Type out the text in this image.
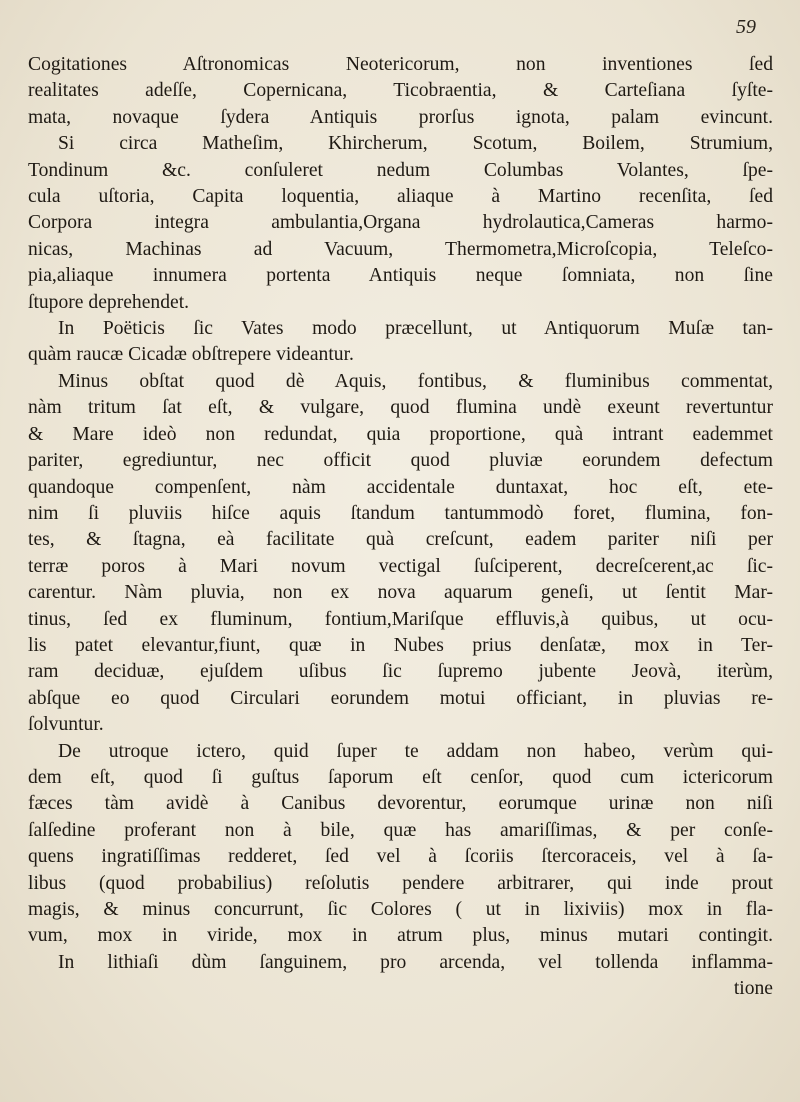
59
Cogitationes Aſtronomicas Neotericorum, non inventiones ſed
realitates adeſſe, Copernicana, Ticobraentia, & Carteſiana ſyſte-
mata, novaque ſydera Antiquis prorſus ignota, palam evincunt.
Si circa Matheſim, Khircherum, Scotum, Boilem, Strumium,
Tondinum &c. conſuleret nedum Columbas Volantes, ſpe-
cula uſtoria, Capita loquentia, aliaque à Martino recenſita, ſed
Corpora integra ambulantia,Organa hydrolautica,Cameras harmo-
nicas, Machinas ad Vacuum, Thermometra,Microſcopia, Teleſco-
pia,aliaque innumera portenta Antiquis neque ſomniata, non ſine
ſtupore deprehendet.
In Poëticis ſic Vates modo præcellunt, ut Antiquorum Muſæ tan-
quàm raucæ Cicadæ obſtrepere videantur.
Minus obſtat quod dè Aquis, fontibus, & fluminibus commentat,
nàm tritum ſat eſt, & vulgare, quod flumina undè exeunt revertuntur
& Mare ideò non redundat, quia proportione, quà intrant eademmet
pariter, egrediuntur, nec officit quod pluviæ eorundem defectum
quandoque compenſent, nàm accidentale duntaxat, hoc eſt, ete-
nim ſi pluviis hiſce aquis ſtandum tantummodò foret, flumina, fon-
tes, & ſtagna, eà facilitate quà creſcunt, eadem pariter niſi per
terræ poros à Mari novum vectigal ſuſciperent, decreſcerent,ac ſic-
carentur. Nàm pluvia, non ex nova aquarum geneſi, ut ſentit Mar-
tinus, ſed ex fluminum, fontium,Mariſque effluvis,à quibus, ut ocu-
lis patet elevantur,fiunt, quæ in Nubes prius denſatæ, mox in Ter-
ram deciduæ, ejuſdem uſibus ſic ſupremo jubente Jeovà, iterùm,
abſque eo quod Circulari eorundem motui officiant, in pluvias re-
ſolvuntur.
De utroque ictero, quid ſuper te addam non habeo, verùm qui-
dem eſt, quod ſi guſtus ſaporum eſt cenſor, quod cum ictericorum
fæces tàm avidè à Canibus devorentur, eorumque urinæ non niſi
ſalſedine proferant non à bile, quæ has amariſſimas, & per conſe-
quens ingratiſſimas redderet, ſed vel à ſcoriis ſtercoraceis, vel à ſa-
libus (quod probabilius) reſolutis pendere arbitrarer, qui inde prout
magis, & minus concurrunt, ſic Colores ( ut in lixiviis) mox in fla-
vum, mox in viride, mox in atrum plus, minus mutari contingit.
In lithiaſi dùm ſanguinem, pro arcenda, vel tollenda inflamma-
tione
